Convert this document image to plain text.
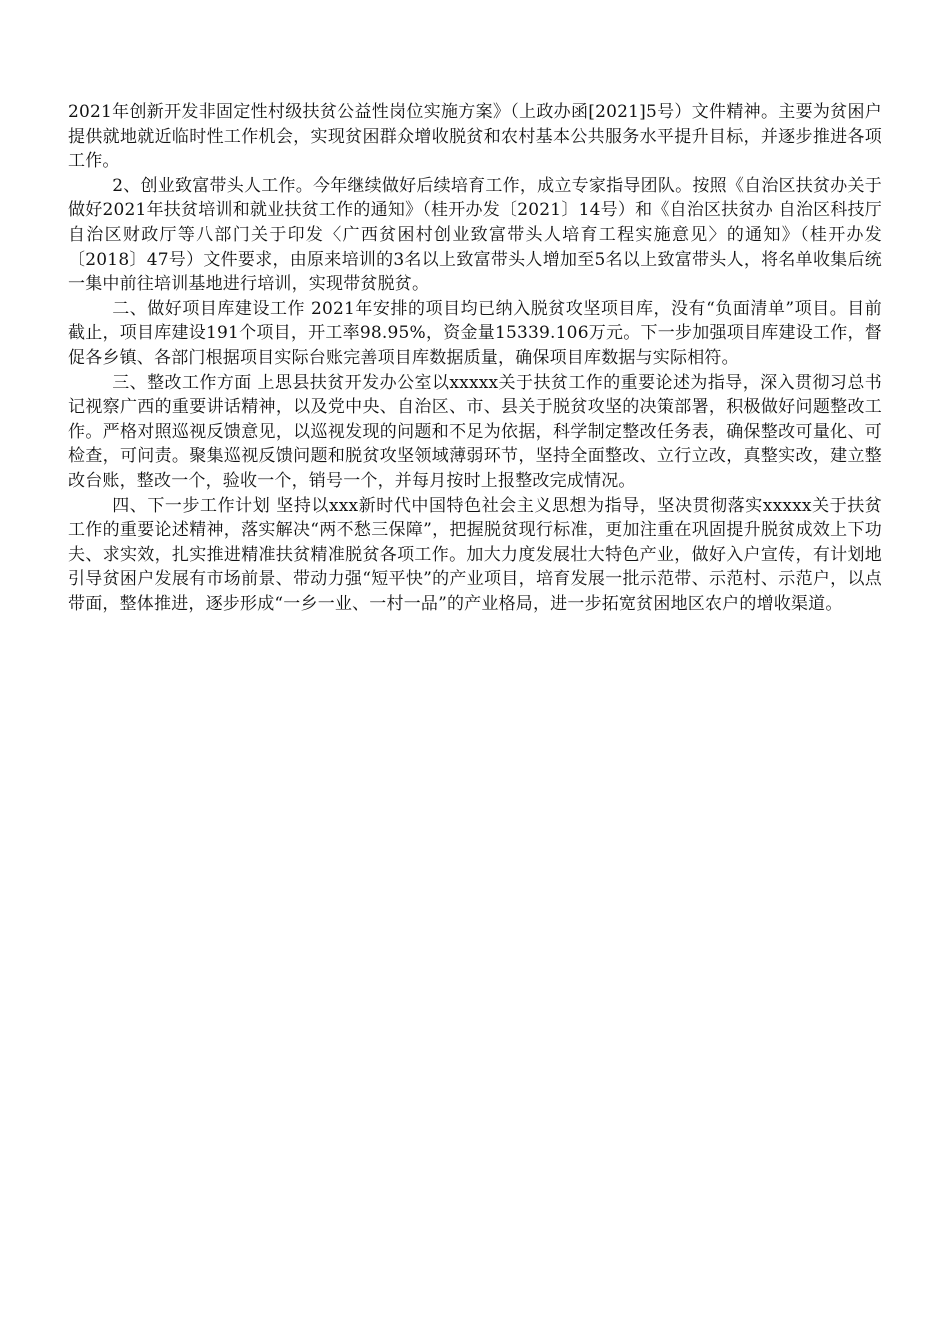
2021年创新开发非固定性村级扶贫公益性岗位实施方案》（上政办函[2021]5号）文件精神。主要为贫困户提供就地就近临时性工作机会，实现贫困群众增收脱贫和农村基本公共服务水平提升目标，并逐步推进各项工作。

2、创业致富带头人工作。今年继续做好后续培育工作，成立专家指导团队。按照《自治区扶贫办关于做好2021年扶贫培训和就业扶贫工作的通知》（桂开办发〔2021〕14号）和《自治区扶贫办 自治区科技厅 自治区财政厅等八部门关于印发〈广西贫困村创业致富带头人培育工程实施意见〉的通知》（桂开办发〔2018〕47号）文件要求，由原来培训的3名以上致富带头人增加至5名以上致富带头人，将名单收集后统一集中前往培训基地进行培训，实现带贫脱贫。

二、做好项目库建设工作 2021年安排的项目均已纳入脱贫攻坚项目库，没有“负面清单”项目。目前截止，项目库建设191个项目，开工率98.95%，资金量15339.106万元。下一步加强项目库建设工作，督促各乡镇、各部门根据项目实际台账完善项目库数据质量，确保项目库数据与实际相符。

三、整改工作方面 上思县扶贫开发办公室以xxxxx关于扶贫工作的重要论述为指导，深入贯彻习总书记视察广西的重要讲话精神，以及党中央、自治区、市、县关于脱贫攻坚的决策部署，积极做好问题整改工作。严格对照巡视反馈意见，以巡视发现的问题和不足为依据，科学制定整改任务表，确保整改可量化、可检查，可问责。聚集巡视反馈问题和脱贫攻坚领域薄弱环节，坚持全面整改、立行立改，真整实改，建立整改台账，整改一个，验收一个，销号一个，并每月按时上报整改完成情况。

四、下一步工作计划 坚持以xxx新时代中国特色社会主义思想为指导，坚决贯彻落实xxxxx关于扶贫工作的重要论述精神，落实解决“两不愁三保障”，把握脱贫现行标准，更加注重在巩固提升脱贫成效上下功夫、求实效，扎实推进精准扶贫精准脱贫各项工作。加大力度发展壮大特色产业，做好入户宣传，有计划地引导贫困户发展有市场前景、带动力强“短平快”的产业项目，培育发展一批示范带、示范村、示范户，以点带面，整体推进，逐步形成“一乡一业、一村一品”的产业格局，进一步拓宽贫困地区农户的增收渠道。
